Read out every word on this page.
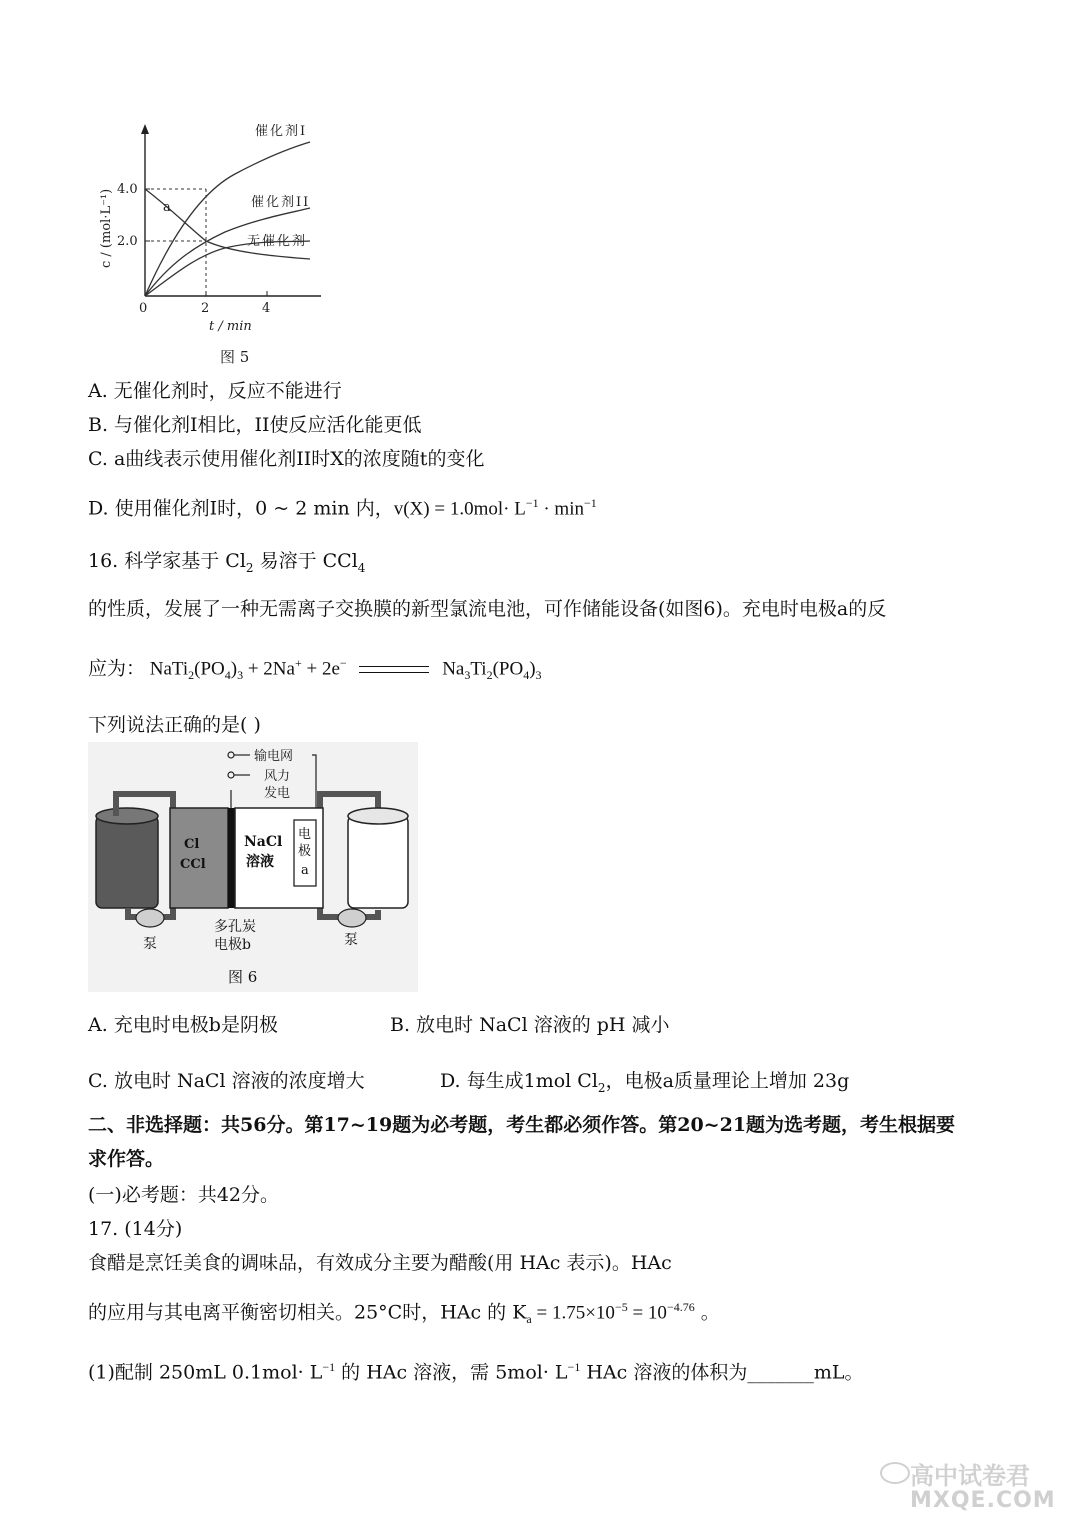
4.0
2.0
0	2	4
a
催化剂I
催化剂II
无催化剂
t / min
c / (mol·L⁻¹)
图 5
A. 无催化剂时，反应不能进行
B. 与催化剂I相比，II使反应活化能更低
C. a曲线表示使用催化剂II时X的浓度随t的变化
D. 使用催化剂I时，0 ~ 2 min 内，$v(X) = 1.0mol\cdot L^{-1} \cdot \min^{-1}$
16. 科学家基于 $Cl_2$ 易溶于 CCl$_4$
的性质，发展了一种无需离子交换膜的新型氯流电池，可作储能设备(如图6)。充电时电极a的反
应为： $NaTi_2(PO_4)_3 + 2Na^+ + 2e^-$	$Na_3Ti_2(PO_4)_3$
下列说法正确的是( )
输电网
风力
发电
Cl
CCl
NaCl
溶液
电
极
a
泵	泵
多孔炭
电极b
图 6
A. 充电时电极b是阴极	B. 放电时 NaCl 溶液的 pH 减小
C. 放电时 NaCl 溶液的浓度增大	D. 每生成1mol $Cl_2$，电极a质量理论上增加 23g
二、非选择题：共56分。第17~19题为必考题，考生都必须作答。第20~21题为选考题，考生根据要
求作答。
(一)必考题：共42分。
17. (14分)
食醋是烹饪美食的调味品，有效成分主要为醋酸(用 HAc 表示)。HAc
的应用与其电离平衡密切相关。25°C时，HAc 的 $K_a = 1.75\times 10^{-5} = 10^{-4.76}$ 。
(1)配制 250mL $0.1mol\cdot L^{-1}$ 的 HAc 溶液，需 $5mol\cdot L^{-1}$ HAc 溶液的体积为_______mL。
高中试卷君
MXQE.COM
